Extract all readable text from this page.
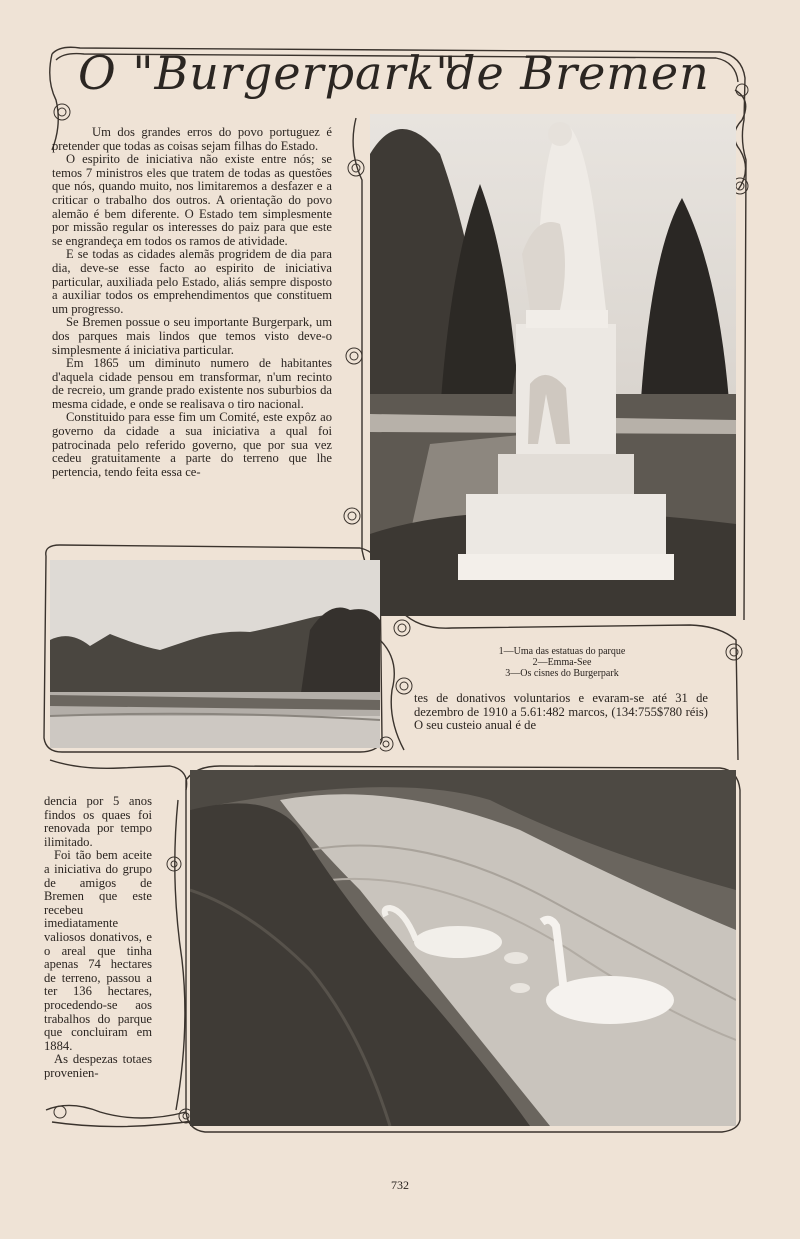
O "Burgerpark"
de Bremen

Um dos grandes erros do povo portuguez é pretender que todas as coisas sejam filhas do Estado.

O espirito de iniciativa não existe entre nós; se temos 7 ministros eles que tratem de todas as questões que nós, quando muito, nos limitaremos a desfazer e a criticar o trabalho dos outros. A orientação do povo alemão é bem diferente. O Estado tem simplesmente por missão regular os interesses do paiz para que este se engrandeça em todos os ramos de atividade.

E se todas as cidades alemãs progridem de dia para dia, deve-se esse facto ao espirito de iniciativa particular, auxiliada pelo Estado, aliás sempre disposto a auxiliar todos os emprehendimentos que constituem um progresso.

Se Bremen possue o seu importante Burgerpark, um dos parques mais lindos que temos visto deve-o simplesmente á iniciativa particular.

Em 1865 um diminuto numero de habitantes d'aquela cidade pensou em transformar, n'um recinto de recreio, um grande prado existente nos suburbios da mesma cidade, e onde se realisava o tiro nacional.

Constituido para esse fim um Comité, este expôz ao governo da cidade a sua iniciativa a qual foi patrocinada pelo referido governo, que por sua vez cedeu gratuitamente a parte do terreno que lhe pertencia, tendo feita essa ce-

1—Uma das estatuas do parque
2—Emma-See
3—Os cisnes do Burgerpark

tes de donativos voluntarios e evaram-se até 31 de dezembro de 1910 a 5.61:482 marcos, (134:755$780 réis) O seu custeio anual é de

dencia por 5 anos findos os quaes foi renovada por tempo ilimitado.

Foi tão bem aceite a iniciativa do grupo de amigos de Bremen que este recebeu imediatamente valiosos donativos, e o areal que tinha apenas 74 hectares de terreno, passou a ter 136 hectares, procedendo-se aos trabalhos do parque que concluiram em 1884.

As despezas totaes provenien-

732
